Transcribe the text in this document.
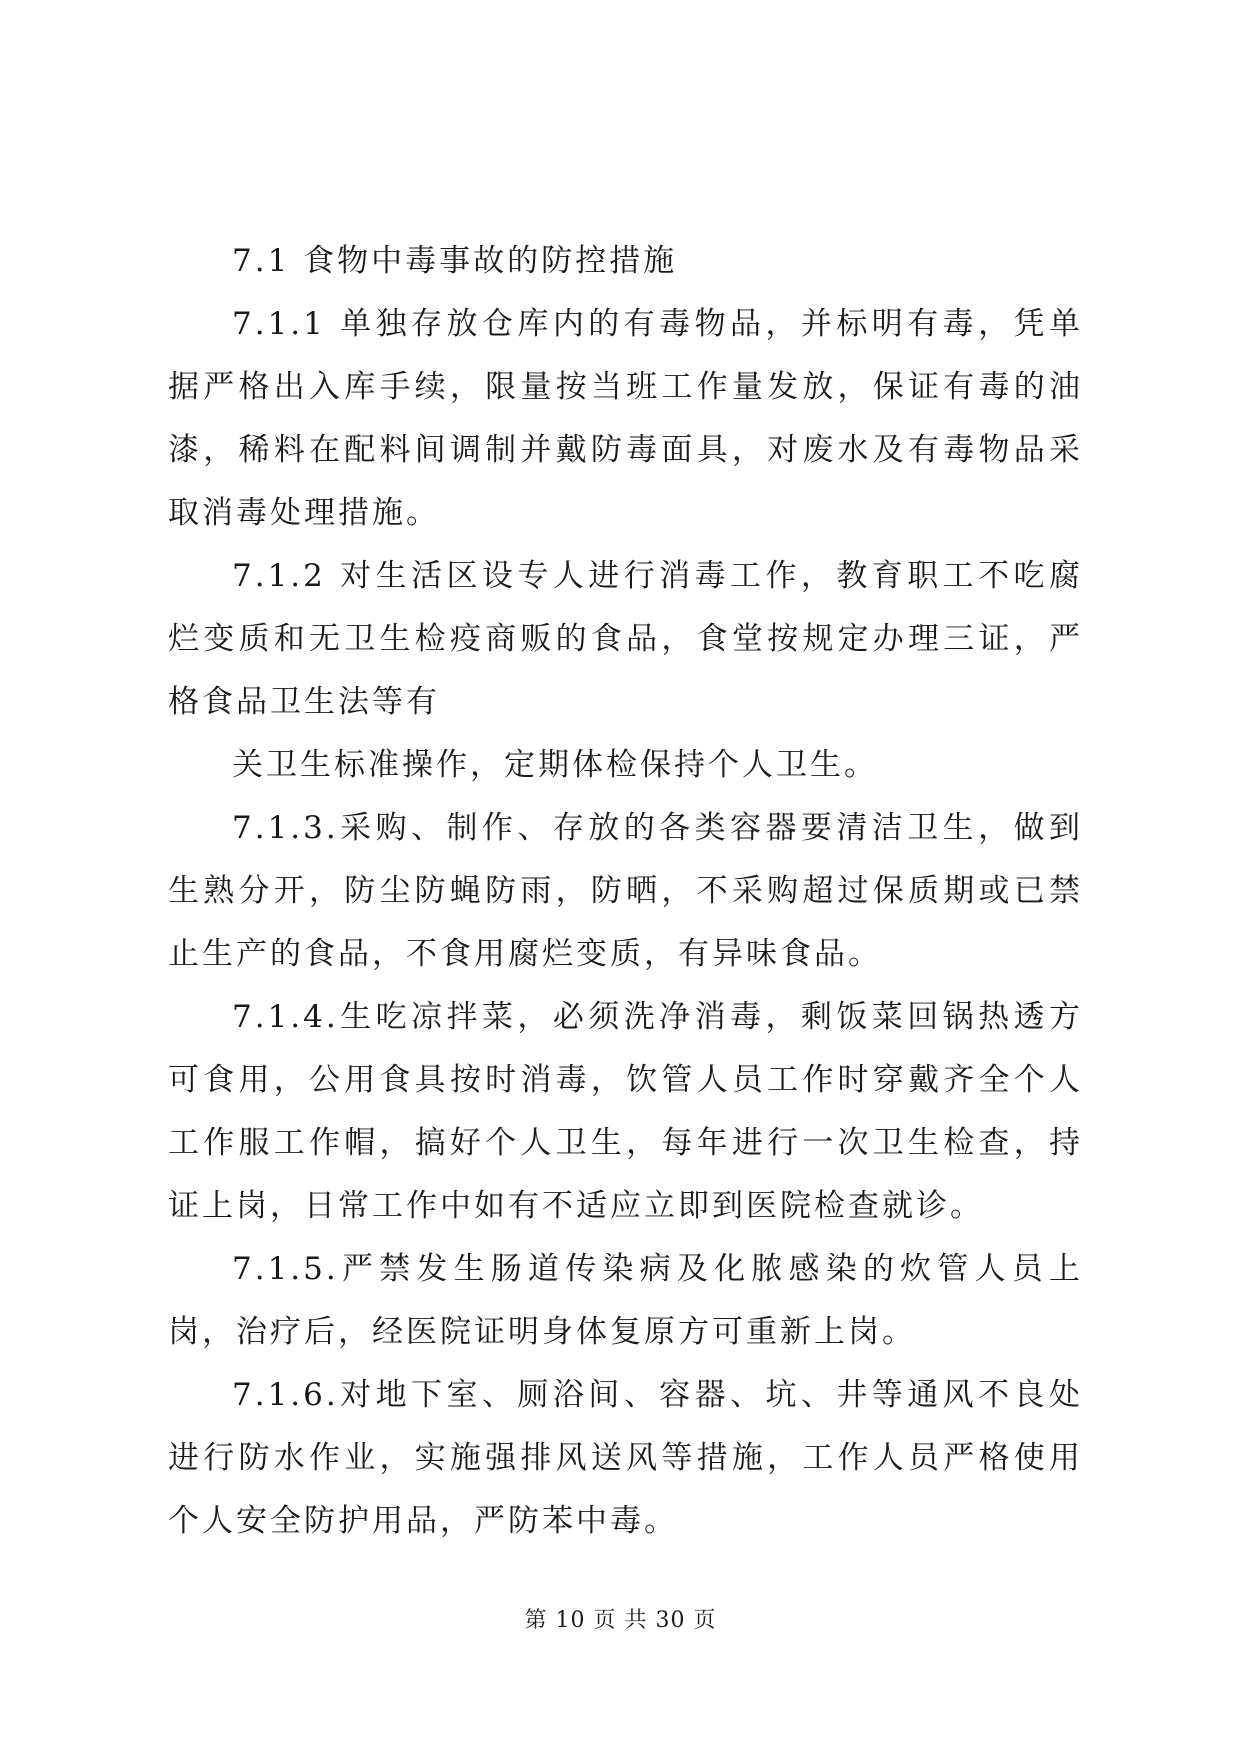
7.1 食物中毒事故的防控措施

7.1.1 单独存放仓库内的有毒物品，并标明有毒，凭单据严格出入库手续，限量按当班工作量发放，保证有毒的油漆，稀料在配料间调制并戴防毒面具，对废水及有毒物品采取消毒处理措施。

7.1.2 对生活区设专人进行消毒工作，教育职工不吃腐烂变质和无卫生检疫商贩的食品，食堂按规定办理三证，严格食品卫生法等有

关卫生标准操作，定期体检保持个人卫生。

7.1.3.采购、制作、存放的各类容器要清洁卫生，做到生熟分开，防尘防蝇防雨，防晒，不采购超过保质期或已禁止生产的食品，不食用腐烂变质，有异味食品。

7.1.4.生吃凉拌菜，必须洗净消毒，剩饭菜回锅热透方可食用，公用食具按时消毒，饮管人员工作时穿戴齐全个人工作服工作帽，搞好个人卫生，每年进行一次卫生检查，持证上岗，日常工作中如有不适应立即到医院检查就诊。

7.1.5.严禁发生肠道传染病及化脓感染的炊管人员上岗，治疗后，经医院证明身体复原方可重新上岗。

7.1.6.对地下室、厕浴间、容器、坑、井等通风不良处进行防水作业，实施强排风送风等措施，工作人员严格使用个人安全防护用品，严防苯中毒。

第 10 页 共 30 页
